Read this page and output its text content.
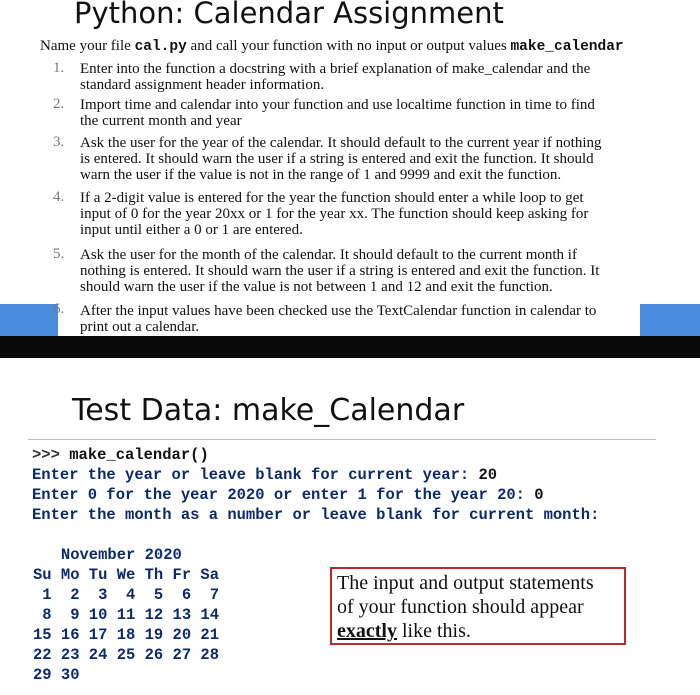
Python: Calendar Assignment
Name your file cal.py and call your function with no input or output values make_calendar
1. Enter into the function a docstring with a brief explanation of make_calendar and the
standard assignment header information.
2. Import time and calendar into your function and use localtime function in time to find
the current month and year
3. Ask the user for the year of the calendar. It should default to the current year if nothing
is entered. It should warn the user if a string is entered and exit the function. It should
warn the user if the value is not in the range of 1 and 9999 and exit the function.
4. If a 2-digit value is entered for the year the function should enter a while loop to get
input of 0 for the year 20xx or 1 for the year xx. The function should keep asking for
input until either a 0 or 1 are entered.
5. Ask the user for the month of the calendar. It should default to the current month if
nothing is entered. It should warn the user if a string is entered and exit the function. It
should warn the user if the value is not between 1 and 12 and exit the function.
6. After the input values have been checked use the TextCalendar function in calendar to
print out a calendar.
Test Data: make_Calendar
>>> make_calendar()
Enter the year or leave blank for current year: 20
Enter 0 for the year 2020 or enter 1 for the year 20: 0
Enter the month as a number or leave blank for current month:
November 2020
Su Mo Tu We Th Fr Sa
1  2  3  4  5  6  7
8  9 10 11 12 13 14
15 16 17 18 19 20 21
22 23 24 25 26 27 28
29 30
The input and output statements
of your function should appear
exactly like this.
